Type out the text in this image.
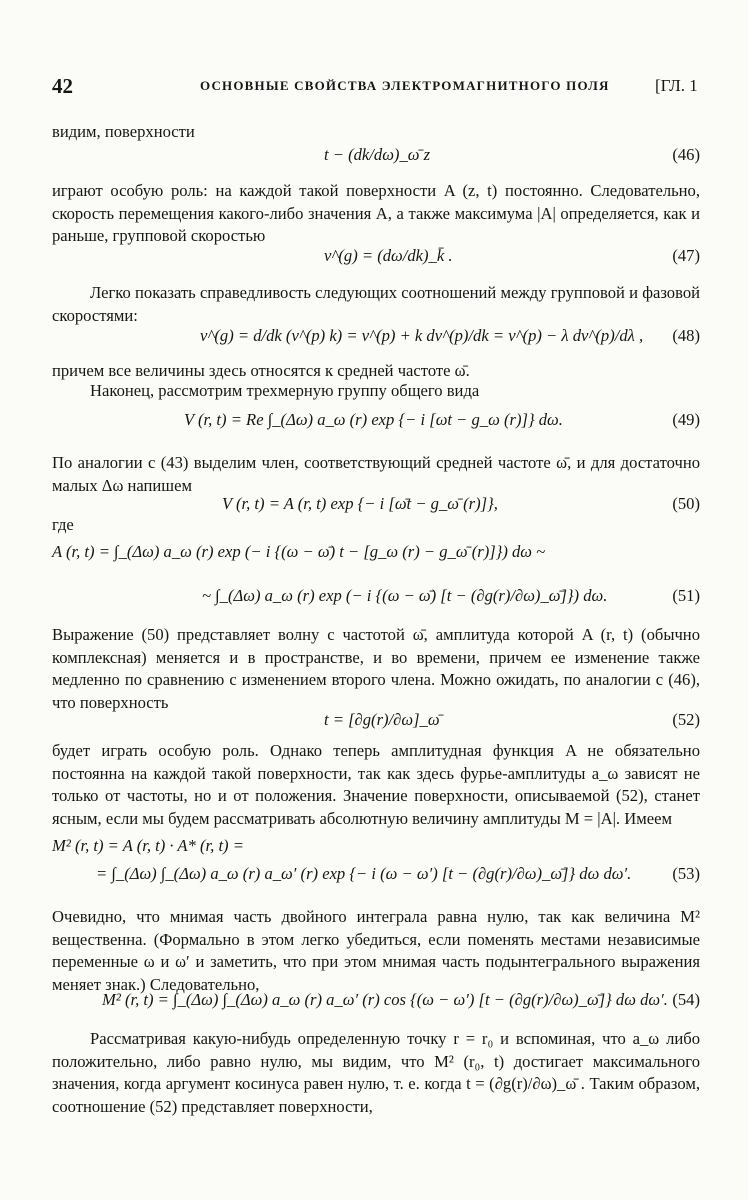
42	ОСНОВНЫЕ СВОЙСТВА ЭЛЕКТРОМАГНИТНОГО ПОЛЯ	[ГЛ. 1
видим, поверхности
t − (dk/dω)_ω̄ z	(46)
играют особую роль: на каждой такой поверхности A (z, t) постоянно. Следовательно, скорость перемещения какого-либо значения A, а также максимума |A| определяется, как и раньше, групповой скоростью
v^(g) = (dω/dk)_k̄ .	(47)
Легко показать справедливость следующих соотношений между групповой и фазовой скоростями:
v^(g) = d/dk (v^(p) k) = v^(p) + k dv^(p)/dk = v^(p) − λ dv^(p)/dλ , (48)
причем все величины здесь относятся к средней частоте ω̄.
Наконец, рассмотрим трехмерную группу общего вида
V (r, t) = Re ∫_(Δω) a_ω (r) exp {− i [ωt − g_ω (r)]} dω.	(49)
По аналогии с (43) выделим член, соответствующий средней частоте ω̄, и для достаточно малых Δω напишем
V (r, t) = A (r, t) exp {− i [ω̄t − g_ω̄ (r)]},	(50)
где
A (r, t) = ∫_(Δω) a_ω (r) exp (− i {(ω − ω̄) t − [g_ω (r) − g_ω̄ (r)]}) dω ~
~ ∫_(Δω) a_ω (r) exp (− i {(ω − ω̄) [t − (∂g(r)/∂ω)_ω̄]}) dω.	(51)
Выражение (50) представляет волну с частотой ω̄, амплитуда которой A (r, t) (обычно комплексная) меняется и в пространстве, и во времени, причем ее изменение также медленно по сравнению с изменением второго члена. Можно ожидать, по аналогии с (46), что поверхность
t = [∂g(r)/∂ω]_ω̄	(52)
будет играть особую роль. Однако теперь амплитудная функция A не обязательно постоянна на каждой такой поверхности, так как здесь фурье-амплитуды a_ω зависят не только от частоты, но и от положения. Значение поверхности, описываемой (52), станет ясным, если мы будем рассматривать абсолютную величину амплитуды M = |A|. Имеем
M² (r, t) = A (r, t) · A* (r, t) =
= ∫_(Δω) ∫_(Δω) a_ω (r) a_ω′ (r) exp {− i (ω − ω′) [t − (∂g(r)/∂ω)_ω̄]} dω dω′. (53)
Очевидно, что мнимая часть двойного интеграла равна нулю, так как величина M² вещественна. (Формально в этом легко убедиться, если поменять местами независимые переменные ω и ω′ и заметить, что при этом мнимая часть подынтегрального выражения меняет знак.) Следовательно,
M² (r, t) = ∫_(Δω) ∫_(Δω) a_ω (r) a_ω′ (r) cos {(ω − ω′) [t − (∂g(r)/∂ω)_ω̄]} dω dω′. (54)
Рассматривая какую-нибудь определенную точку r = r₀ и вспоминая, что a_ω либо положительно, либо равно нулю, мы видим, что M² (r₀, t) достигает максимального значения, когда аргумент косинуса равен нулю, т. е. когда t = (∂g(r)/∂ω)_ω̄ . Таким образом, соотношение (52) представляет поверхности,
